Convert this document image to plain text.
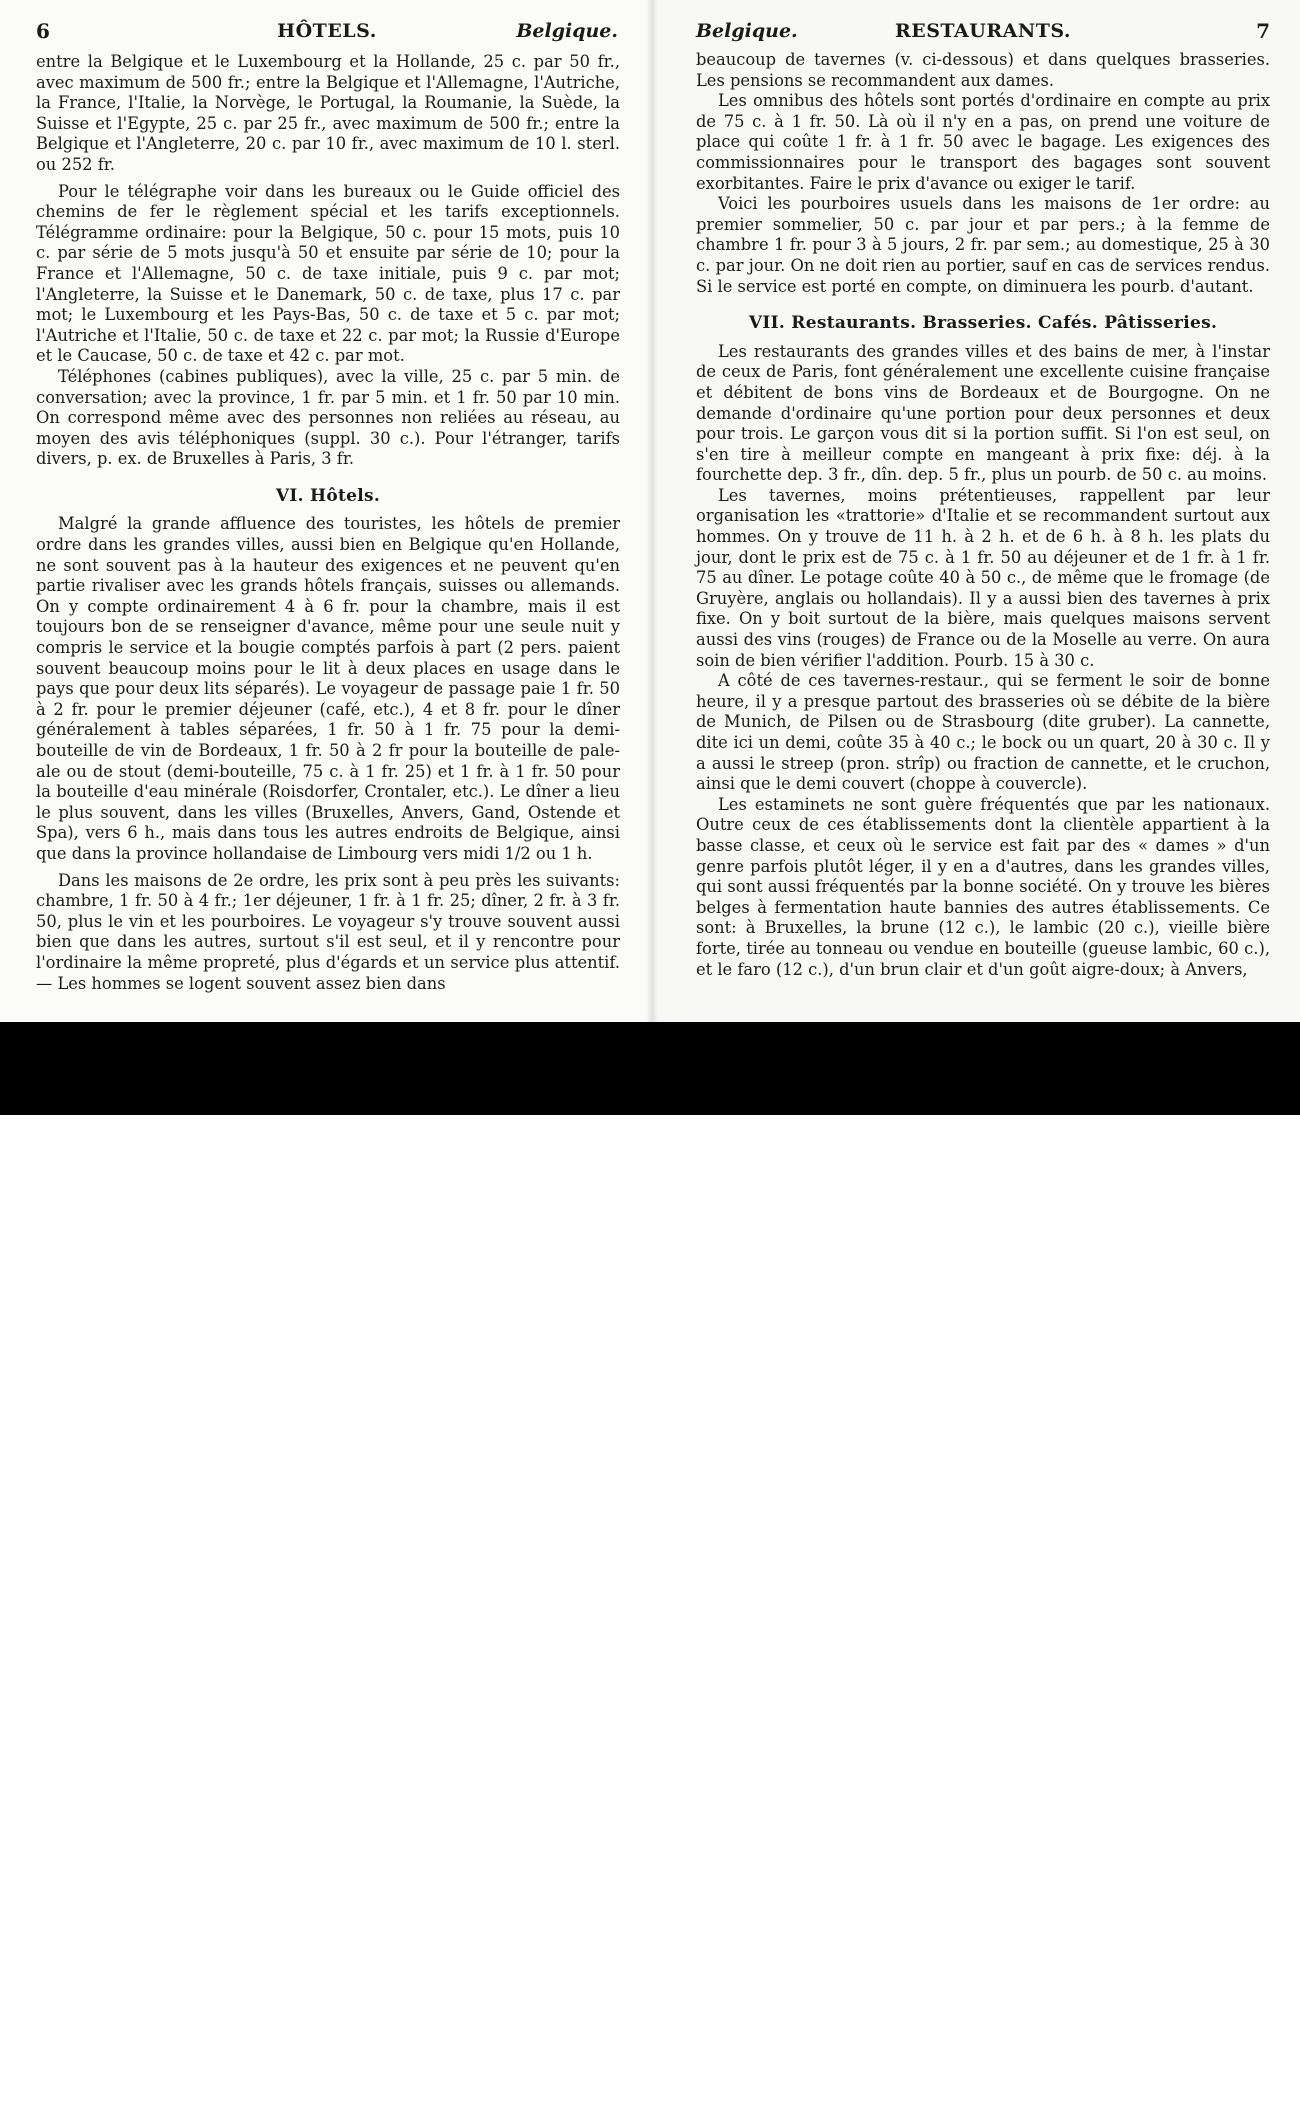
6	HÔTELS.	Belgique.

entre la Belgique et le Luxembourg et la Hollande, 25 c. par 50 fr., avec maximum de 500 fr.; entre la Belgique et l'Allemagne, l'Autriche, la France, l'Italie, la Norvège, le Portugal, la Roumanie, la Suède, la Suisse et l'Egypte, 25 c. par 25 fr., avec maximum de 500 fr.; entre la Belgique et l'Angleterre, 20 c. par 10 fr., avec maximum de 10 l. sterl. ou 252 fr.

Pour le télégraphe voir dans les bureaux ou le Guide officiel des chemins de fer le règlement spécial et les tarifs exceptionnels. Télégramme ordinaire: pour la Belgique, 50 c. pour 15 mots, puis 10 c. par série de 5 mots jusqu'à 50 et ensuite par série de 10; pour la France et l'Allemagne, 50 c. de taxe initiale, puis 9 c. par mot; l'Angleterre, la Suisse et le Danemark, 50 c. de taxe, plus 17 c. par mot; le Luxembourg et les Pays-Bas, 50 c. de taxe et 5 c. par mot; l'Autriche et l'Italie, 50 c. de taxe et 22 c. par mot; la Russie d'Europe et le Caucase, 50 c. de taxe et 42 c. par mot.

Téléphones (cabines publiques), avec la ville, 25 c. par 5 min. de conversation; avec la province, 1 fr. par 5 min. et 1 fr. 50 par 10 min. On correspond même avec des personnes non reliées au réseau, au moyen des avis téléphoniques (suppl. 30 c.). Pour l'étranger, tarifs divers, p. ex. de Bruxelles à Paris, 3 fr.

VI. Hôtels.

Malgré la grande affluence des touristes, les hôtels de premier ordre dans les grandes villes, aussi bien en Belgique qu'en Hollande, ne sont souvent pas à la hauteur des exigences et ne peuvent qu'en partie rivaliser avec les grands hôtels français, suisses ou allemands. On y compte ordinairement 4 à 6 fr. pour la chambre, mais il est toujours bon de se renseigner d'avance, même pour une seule nuit y compris le service et la bougie comptés parfois à part (2 pers. paient souvent beaucoup moins pour le lit à deux places en usage dans le pays que pour deux lits séparés). Le voyageur de passage paie 1 fr. 50 à 2 fr. pour le premier déjeuner (café, etc.), 4 et 8 fr. pour le dîner généralement à tables séparées, 1 fr. 50 à 1 fr. 75 pour la demi-bouteille de vin de Bordeaux, 1 fr. 50 à 2 fr pour la bouteille de pale-ale ou de stout (demi-bouteille, 75 c. à 1 fr. 25) et 1 fr. à 1 fr. 50 pour la bouteille d'eau minérale (Roisdorfer, Crontaler, etc.). Le dîner a lieu le plus souvent, dans les villes (Bruxelles, Anvers, Gand, Ostende et Spa), vers 6 h., mais dans tous les autres endroits de Belgique, ainsi que dans la province hollandaise de Limbourg vers midi 1/2 ou 1 h.

Dans les maisons de 2e ordre, les prix sont à peu près les suivants: chambre, 1 fr. 50 à 4 fr.; 1er déjeuner, 1 fr. à 1 fr. 25; dîner, 2 fr. à 3 fr. 50, plus le vin et les pourboires. Le voyageur s'y trouve souvent aussi bien que dans les autres, surtout s'il est seul, et il y rencontre pour l'ordinaire la même propreté, plus d'égards et un service plus attentif. — Les hommes se logent souvent assez bien dans

Belgique.	RESTAURANTS.	7

beaucoup de tavernes (v. ci-dessous) et dans quelques brasseries. Les pensions se recommandent aux dames.

Les omnibus des hôtels sont portés d'ordinaire en compte au prix de 75 c. à 1 fr. 50. Là où il n'y en a pas, on prend une voiture de place qui coûte 1 fr. à 1 fr. 50 avec le bagage. Les exigences des commissionnaires pour le transport des bagages sont souvent exorbitantes. Faire le prix d'avance ou exiger le tarif.

Voici les pourboires usuels dans les maisons de 1er ordre: au premier sommelier, 50 c. par jour et par pers.; à la femme de chambre 1 fr. pour 3 à 5 jours, 2 fr. par sem.; au domestique, 25 à 30 c. par jour. On ne doit rien au portier, sauf en cas de services rendus. Si le service est porté en compte, on diminuera les pourb. d'autant.

VII. Restaurants. Brasseries. Cafés. Pâtisseries.

Les restaurants des grandes villes et des bains de mer, à l'instar de ceux de Paris, font généralement une excellente cuisine française et débitent de bons vins de Bordeaux et de Bourgogne. On ne demande d'ordinaire qu'une portion pour deux personnes et deux pour trois. Le garçon vous dit si la portion suffit. Si l'on est seul, on s'en tire à meilleur compte en mangeant à prix fixe: déj. à la fourchette dep. 3 fr., dîn. dep. 5 fr., plus un pourb. de 50 c. au moins.

Les tavernes, moins prétentieuses, rappellent par leur organisation les «trattorie» d'Italie et se recommandent surtout aux hommes. On y trouve de 11 h. à 2 h. et de 6 h. à 8 h. les plats du jour, dont le prix est de 75 c. à 1 fr. 50 au déjeuner et de 1 fr. à 1 fr. 75 au dîner. Le potage coûte 40 à 50 c., de même que le fromage (de Gruyère, anglais ou hollandais). Il y a aussi bien des tavernes à prix fixe. On y boit surtout de la bière, mais quelques maisons servent aussi des vins (rouges) de France ou de la Moselle au verre. On aura soin de bien vérifier l'addition. Pourb. 15 à 30 c.

A côté de ces tavernes-restaur., qui se ferment le soir de bonne heure, il y a presque partout des brasseries où se débite de la bière de Munich, de Pilsen ou de Strasbourg (dite gruber). La cannette, dite ici un demi, coûte 35 à 40 c.; le bock ou un quart, 20 à 30 c. Il y a aussi le streep (pron. strîp) ou fraction de cannette, et le cruchon, ainsi que le demi couvert (choppe à couvercle).

Les estaminets ne sont guère fréquentés que par les nationaux. Outre ceux de ces établissements dont la clientèle appartient à la basse classe, et ceux où le service est fait par des « dames » d'un genre parfois plutôt léger, il y en a d'autres, dans les grandes villes, qui sont aussi fréquentés par la bonne société. On y trouve les bières belges à fermentation haute bannies des autres établissements. Ce sont: à Bruxelles, la brune (12 c.), le lambic (20 c.), vieille bière forte, tirée au tonneau ou vendue en bouteille (gueuse lambic, 60 c.), et le faro (12 c.), d'un brun clair et d'un goût aigre-doux; à Anvers,

alamy stock photo
